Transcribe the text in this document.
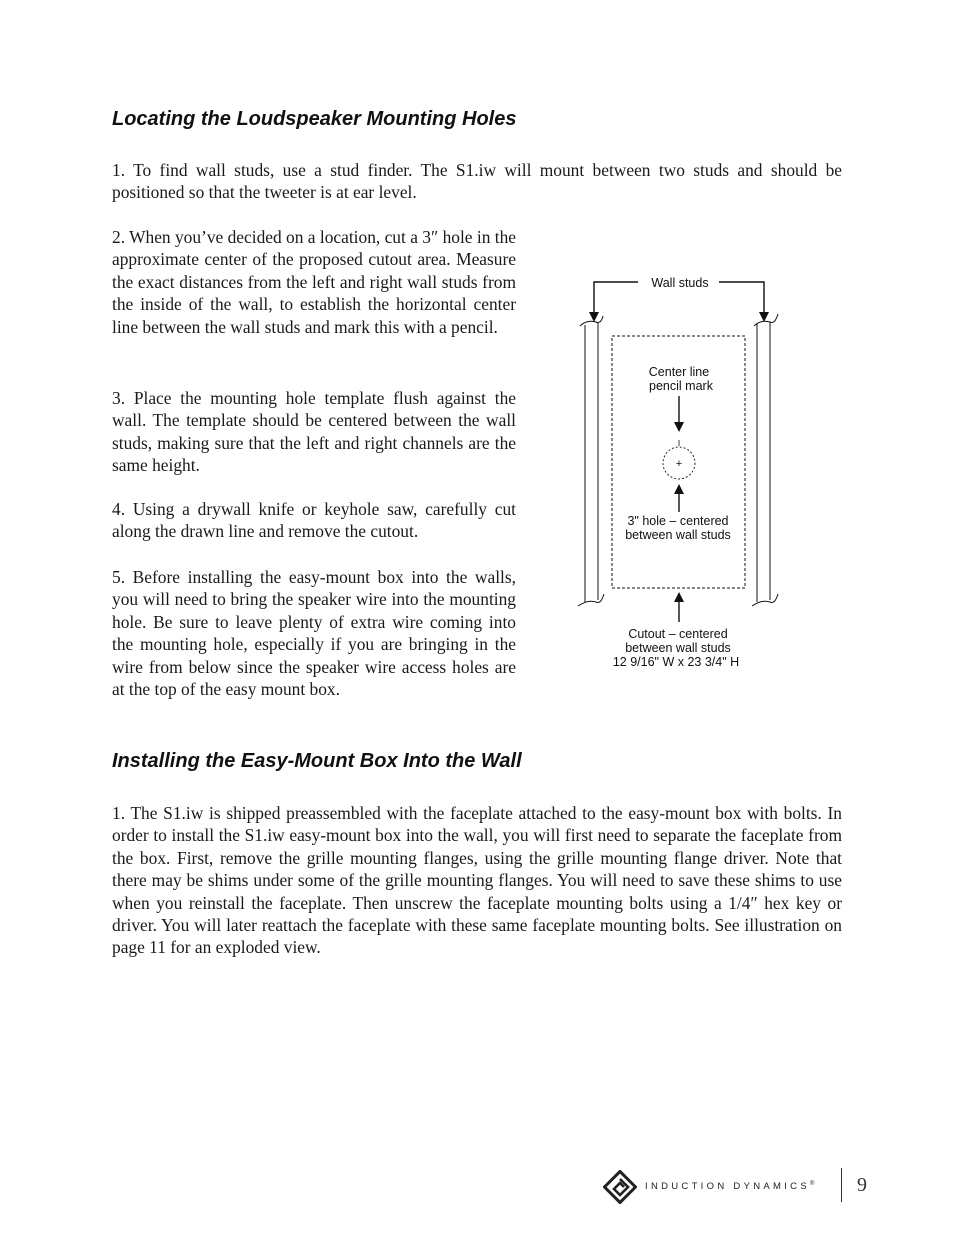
Locating the Loudspeaker Mounting Holes

1. To find wall studs, use a stud finder. The S1.iw will mount between two studs and should be positioned so that the tweeter is at ear level.

2. When you’ve decided on a location, cut a 3″ hole in the approximate center of the proposed cutout area. Measure the exact distances from the left and right wall studs from the inside of the wall, to establish the horizontal center line between the wall studs and mark this with a pencil.

3. Place the mounting hole template flush against the wall. The template should be centered between the wall studs, making sure that the left and right channels are the same height.

4. Using a drywall knife or keyhole saw, carefully cut along the drawn line and remove the cutout.

5. Before installing the easy-mount box into the walls, you will need to bring the speaker wire into the mounting hole. Be sure to leave plenty of extra wire coming into the mounting hole, especially if you are bringing in the wire from below since the speaker wire access holes are at the top of the easy mount box.

Wall studs
Center line
pencil mark
+
3" hole – centered
between wall studs
Cutout – centered
between wall studs
12 9/16" W x 23 3/4" H
Installing the Easy-Mount Box Into the Wall

1. The S1.iw is shipped preassembled with the faceplate attached to the easy-mount box with bolts. In order to install the S1.iw easy-mount box into the wall, you will first need to separate the faceplate from the box. First, remove the grille mounting flanges, using the grille mounting flange driver. Note that there may be shims under some of the grille mounting flanges. You will need to save these shims to use when you reinstall the faceplate. Then unscrew the faceplate mounting bolts using a 1/4″ hex key or driver. You will later reattach the faceplate with these same faceplate mounting bolts. See illustration on page 11 for an exploded view.

INDUCTION DYNAMICS® 9
